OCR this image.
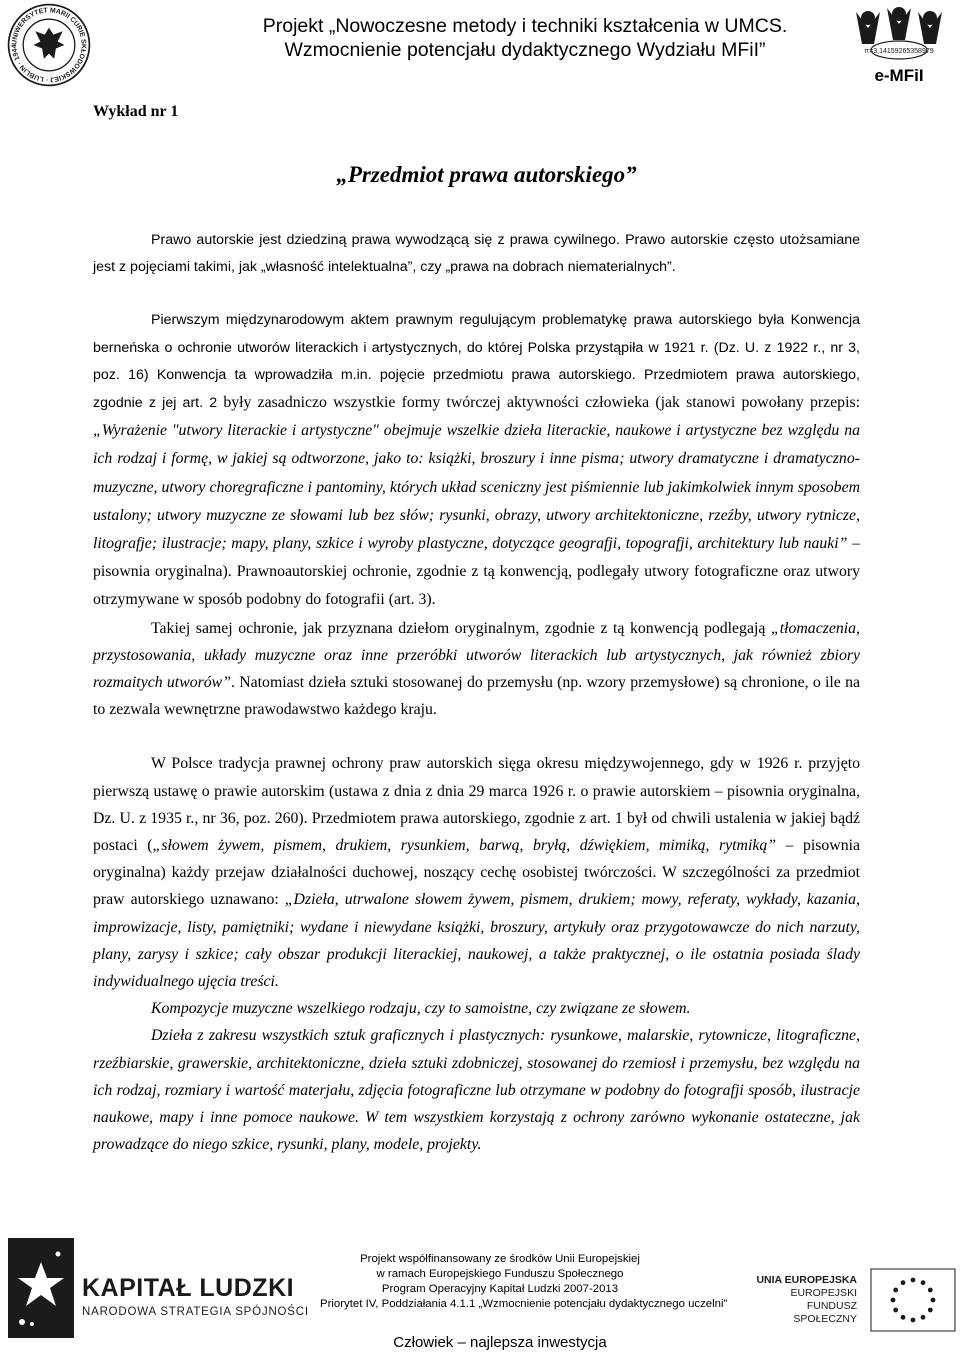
UNIWERSYTET MARII CURIE SKŁODOWSKIEJ · LUBLIN · 1944
Projekt „Nowoczesne metody i techniki kształcenia w UMCS.
Wzmocnienie potencjału dydaktycznego Wydziału MFiI”	π=3,14159265358979
e-MFiI
Wykład nr 1
„Przedmiot prawa autorskiego”

Prawo autorskie jest dziedziną prawa wywodzącą się z prawa cywilnego. Prawo autorskie często utożsamiane jest z pojęciami takimi, jak „własność intelektualna”, czy „prawa na dobrach niematerialnych”.

Pierwszym międzynarodowym aktem prawnym regulującym problematykę prawa autorskiego była Konwencja berneńska o ochronie utworów literackich i artystycznych, do której Polska przystąpiła w 1921 r. (Dz. U. z 1922 r., nr 3, poz. 16) Konwencja ta wprowadziła m.in. pojęcie przedmiotu prawa autorskiego. Przedmiotem prawa autorskiego, zgodnie z jej art. 2 były zasadniczo wszystkie formy twórczej aktywności człowieka (jak stanowi powołany przepis: „Wyrażenie "utwory literackie i artystyczne" obejmuje wszelkie dzieła literackie, naukowe i artystyczne bez względu na ich rodzaj i formę, w jakiej są odtworzone, jako to: książki, broszury i inne pisma; utwory dramatyczne i dramatyczno-muzyczne, utwory choregraficzne i pantominy, których układ sceniczny jest piśmiennie lub jakimkolwiek innym sposobem ustalony; utwory muzyczne ze słowami lub bez słów; rysunki, obrazy, utwory architektoniczne, rzeźby, utwory rytnicze, litografje; ilustracje; mapy, plany, szkice i wyroby plastyczne, dotyczące geografji, topografji, architektury lub nauki” – pisownia oryginalna). Prawnoautorskiej ochronie, zgodnie z tą konwencją, podlegały utwory fotograficzne oraz utwory otrzymywane w sposób podobny do fotografii (art. 3).

Takiej samej ochronie, jak przyznana dziełom oryginalnym, zgodnie z tą konwencją podlegają „tłomaczenia, przystosowania, układy muzyczne oraz inne przeróbki utworów literackich lub artystycznych, jak również zbiory rozmaitych utworów”. Natomiast dzieła sztuki stosowanej do przemysłu (np. wzory przemysłowe) są chronione, o ile na to zezwala wewnętrzne prawodawstwo każdego kraju.

W Polsce tradycja prawnej ochrony praw autorskich sięga okresu międzywojennego, gdy w 1926 r. przyjęto pierwszą ustawę o prawie autorskim (ustawa z dnia z dnia 29 marca 1926 r. o prawie autorskiem – pisownia oryginalna, Dz. U. z 1935 r., nr 36, poz. 260). Przedmiotem prawa autorskiego, zgodnie z art. 1 był od chwili ustalenia w jakiej bądź postaci („słowem żywem, pismem, drukiem, rysunkiem, barwą, bryłą, dźwiękiem, mimiką, rytmiką” – pisownia oryginalna) każdy przejaw działalności duchowej, noszący cechę osobistej twórczości. W szczególności za przedmiot praw autorskiego uznawano: „Dzieła, utrwalone słowem żywem, pismem, drukiem; mowy, referaty, wykłady, kazania, improwizacje, listy, pamiętniki; wydane i niewydane książki, broszury, artykuły oraz przygotowawcze do nich narzuty, plany, zarysy i szkice; cały obszar produkcji literackiej, naukowej, a także praktycznej, o ile ostatnia posiada ślady indywidualnego ujęcia treści.

Kompozycje muzyczne wszelkiego rodzaju, czy to samoistne, czy związane ze słowem.

Dzieła z zakresu wszystkich sztuk graficznych i plastycznych: rysunkowe, malarskie, rytownicze, litograficzne, rzeźbiarskie, grawerskie, architektoniczne, dzieła sztuki zdobniczej, stosowanej do rzemiosł i przemysłu, bez względu na ich rodzaj, rozmiary i wartość materjału, zdjęcia fotograficzne lub otrzymane w podobny do fotografji sposób, ilustracje naukowe, mapy i inne pomoce naukowe. W tem wszystkiem korzystają z ochrony zarówno wykonanie ostateczne, jak prowadzące do niego szkice, rysunki, plany, modele, projekty.

KAPITAŁ LUDZKI
NARODOWA STRATEGIA SPÓJNOŚCI
Projekt współfinansowany ze środków Unii Europejskiej
w ramach Europejskiego Funduszu Społecznego
Program Operacyjny Kapitał Ludzki 2007-2013
Priorytet IV, Poddziałania 4.1.1 „Wzmocnienie potencjału dydaktycznego uczelni”
Człowiek – najlepsza inwestycja
UNIA EUROPEJSKA
EUROPEJSKI
FUNDUSZ SPOŁECZNY
